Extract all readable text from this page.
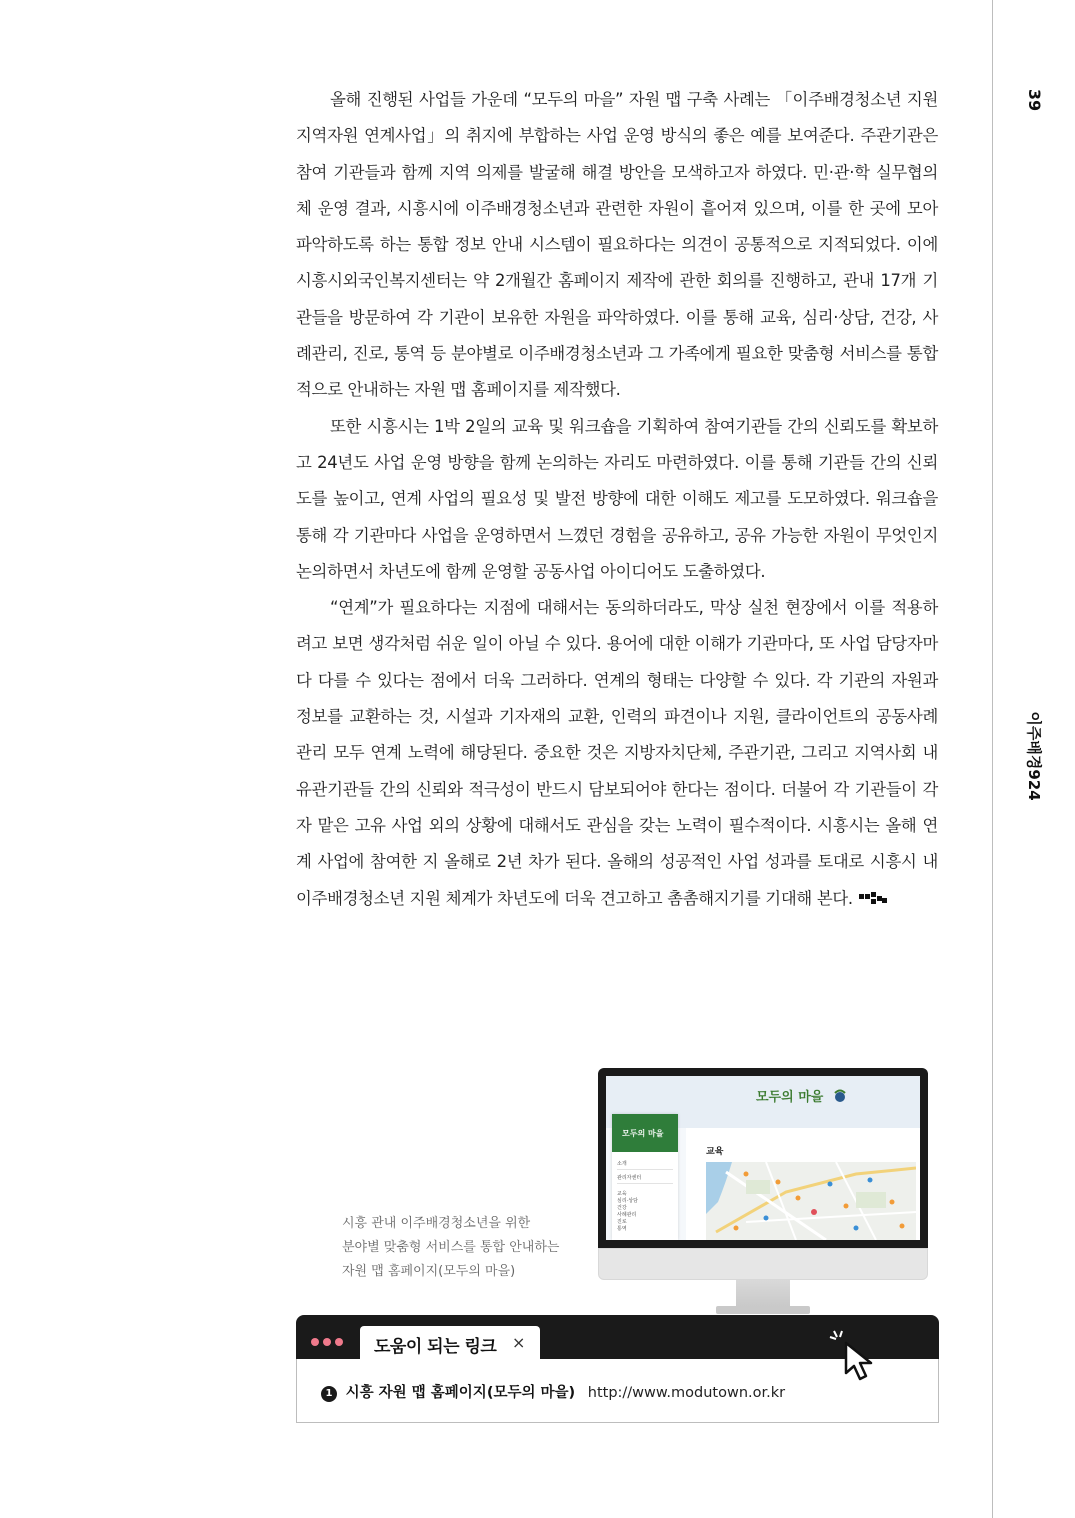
39
이주배경924

올해 진행된 사업들 가운데 “모두의 마을” 자원 맵 구축 사례는 「이주배경청소년 지원 지역자원 연계사업」의 취지에 부합하는 사업 운영 방식의 좋은 예를 보여준다. 주관기관은 참여 기관들과 함께 지역 의제를 발굴해 해결 방안을 모색하고자 하였다. 민·관·학 실무협의체 운영 결과, 시흥시에 이주배경청소년과 관련한 자원이 흩어져 있으며, 이를 한 곳에 모아 파악하도록 하는 통합 정보 안내 시스템이 필요하다는 의견이 공통적으로 지적되었다. 이에 시흥시외국인복지센터는 약 2개월간 홈페이지 제작에 관한 회의를 진행하고, 관내 17개 기관들을 방문하여 각 기관이 보유한 자원을 파악하였다. 이를 통해 교육, 심리·상담, 건강, 사례관리, 진로, 통역 등 분야별로 이주배경청소년과 그 가족에게 필요한 맞춤형 서비스를 통합적으로 안내하는 자원 맵 홈페이지를 제작했다.

또한 시흥시는 1박 2일의 교육 및 워크숍을 기획하여 참여기관들 간의 신뢰도를 확보하고 24년도 사업 운영 방향을 함께 논의하는 자리도 마련하였다. 이를 통해 기관들 간의 신뢰도를 높이고, 연계 사업의 필요성 및 발전 방향에 대한 이해도 제고를 도모하였다. 워크숍을 통해 각 기관마다 사업을 운영하면서 느꼈던 경험을 공유하고, 공유 가능한 자원이 무엇인지 논의하면서 차년도에 함께 운영할 공동사업 아이디어도 도출하였다.

“연계”가 필요하다는 지점에 대해서는 동의하더라도, 막상 실천 현장에서 이를 적용하려고 보면 생각처럼 쉬운 일이 아닐 수 있다. 용어에 대한 이해가 기관마다, 또 사업 담당자마다 다를 수 있다는 점에서 더욱 그러하다. 연계의 형태는 다양할 수 있다. 각 기관의 자원과 정보를 교환하는 것, 시설과 기자재의 교환, 인력의 파견이나 지원, 클라이언트의 공동사례 관리 모두 연계 노력에 해당된다. 중요한 것은 지방자치단체, 주관기관, 그리고 지역사회 내 유관기관들 간의 신뢰와 적극성이 반드시 담보되어야 한다는 점이다. 더불어 각 기관들이 각자 맡은 고유 사업 외의 상황에 대해서도 관심을 갖는 노력이 필수적이다. 시흥시는 올해 연계 사업에 참여한 지 올해로 2년 차가 된다. 올해의 성공적인 사업 성과를 토대로 시흥시 내 이주배경청소년 지원 체계가 차년도에 더욱 견고하고 촘촘해지기를 기대해 본다.

시흥 관내 이주배경청소년을 위한
분야별 맞춤형 서비스를 통합 안내하는
자원 맵 홈페이지(모두의 마을)
모두의 마을
모두의 마을
소개
관리자센터
교육
심리·상담
건강
사례관리
진로
통역
교육
도움이 되는 링크 ×
1 시흥 자원 맵 홈페이지(모두의 마을) http://www.modutown.or.kr
